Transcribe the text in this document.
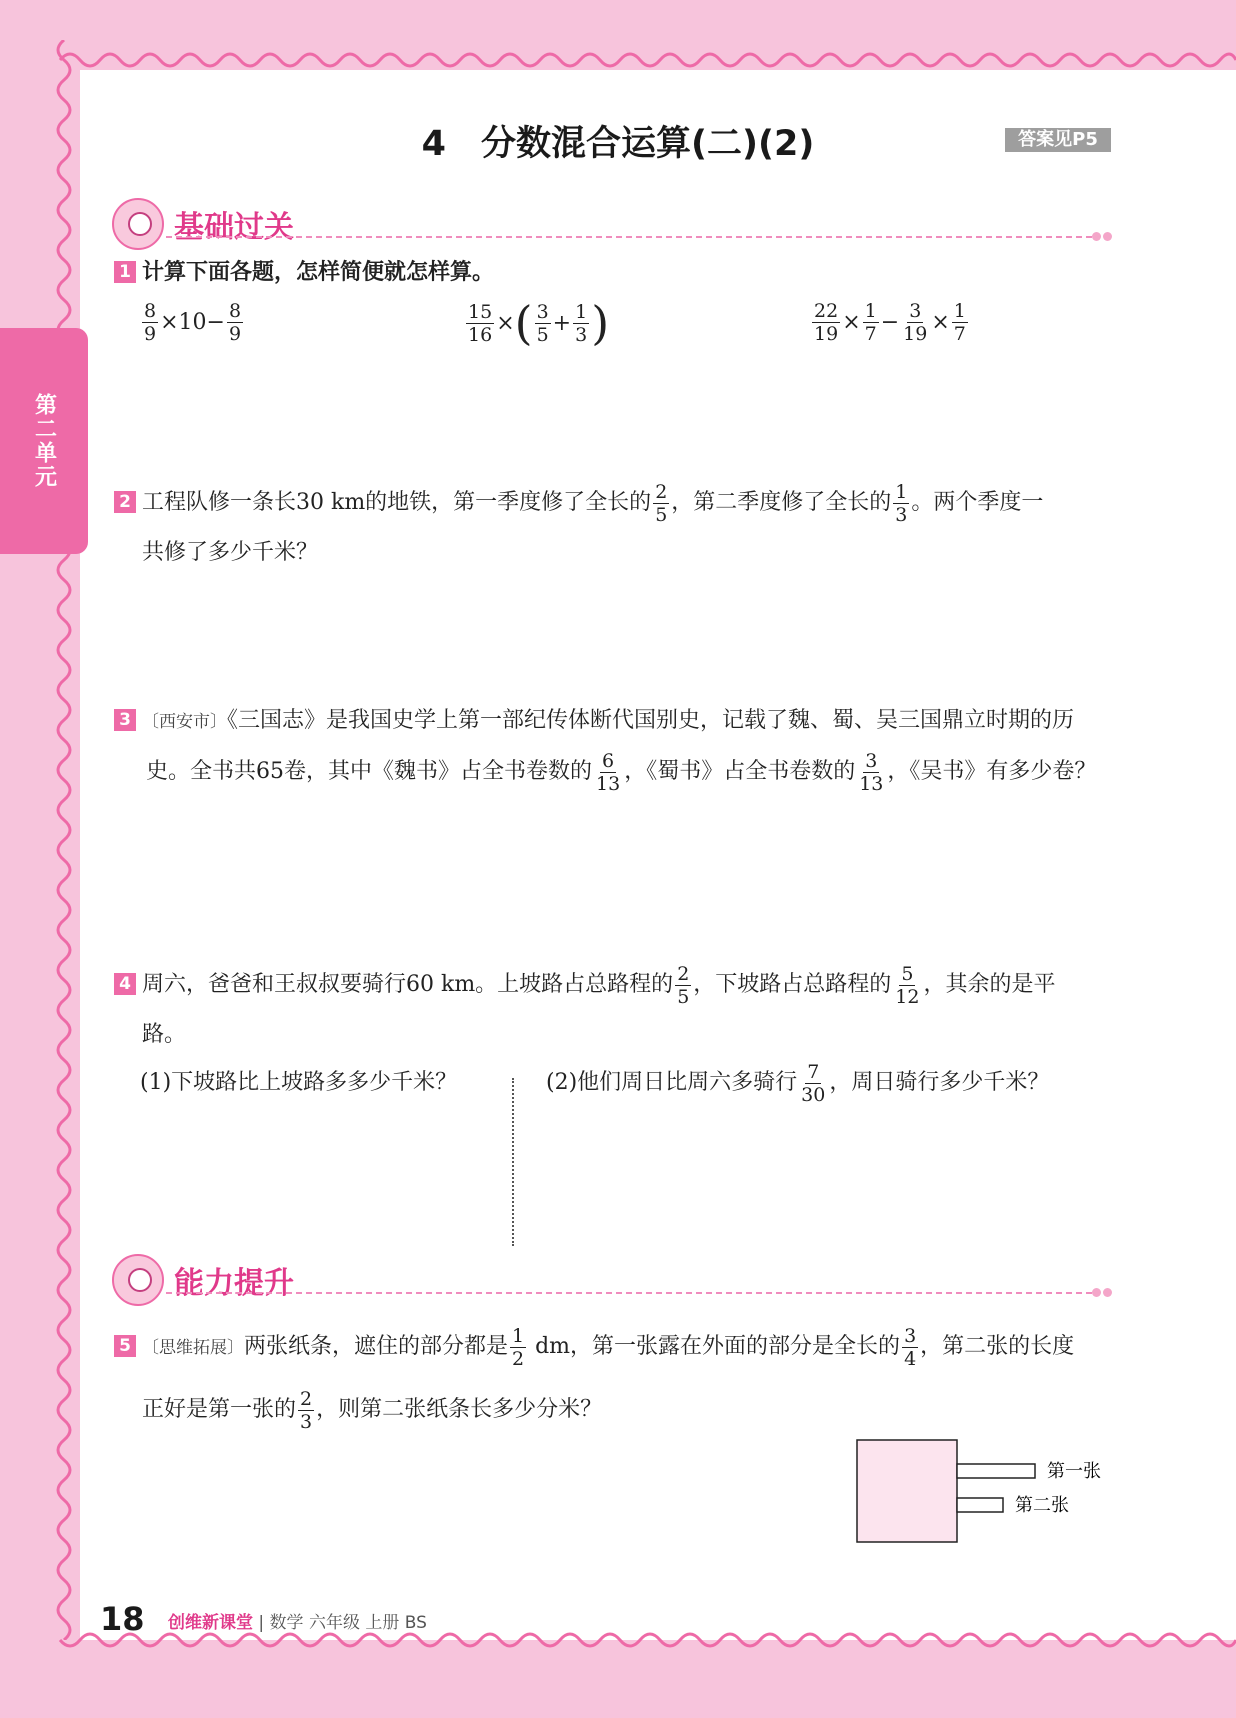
第二单元
4　分数混合运算(二)(2)	答案见P5
基础过关
1 计算下面各题，怎样简便就怎样算。
$\frac{8}{9} \times 10- \frac{8}{9}$	$\frac{15}{16}$ × ( $\frac{3}{5} + \frac{1}{3}$ )	$\frac{22}{19} \times \frac{1}{7} - \frac{3}{19} \times \frac{1}{7}$
2 工程队修一条长30 km的地铁，第一季度修了全长的 $\frac{2}{5}$ ，第二季度修了全长的 $\frac{1}{3}$ 。两个季度一
共修了多少千米？
3 〔西安市〕《三国志》是我国史学上第一部纪传体断代国别史，记载了魏、蜀、吴三国鼎立时期的历
史。全书共65卷，其中《魏书》占全书卷数的 $\frac{6}{13}$ ，《蜀书》占全书卷数的 $\frac{3}{13}$ ，《吴书》有多少卷？
4 周六，爸爸和王叔叔要骑行60 km。上坡路占总路程的 $\frac{2}{5}$ ，下坡路占总路程的 $\frac{5}{12}$ ，其余的是平
路。
(1)下坡路比上坡路多多少千米？	(2)他们周日比周六多骑行 $\frac{7}{30}$ ，周日骑行多少千米？
能力提升
5 〔思维拓展〕两张纸条，遮住的部分都是 $\frac{1}{2}$ dm，第一张露在外面的部分是全长的 $\frac{3}{4}$ ，第二张的长度
正好是第一张的 $\frac{2}{3}$ ，则第二张纸条长多少分米？
第一张
第二张
18 创维新课堂 | 数学 六年级 上册 BS
